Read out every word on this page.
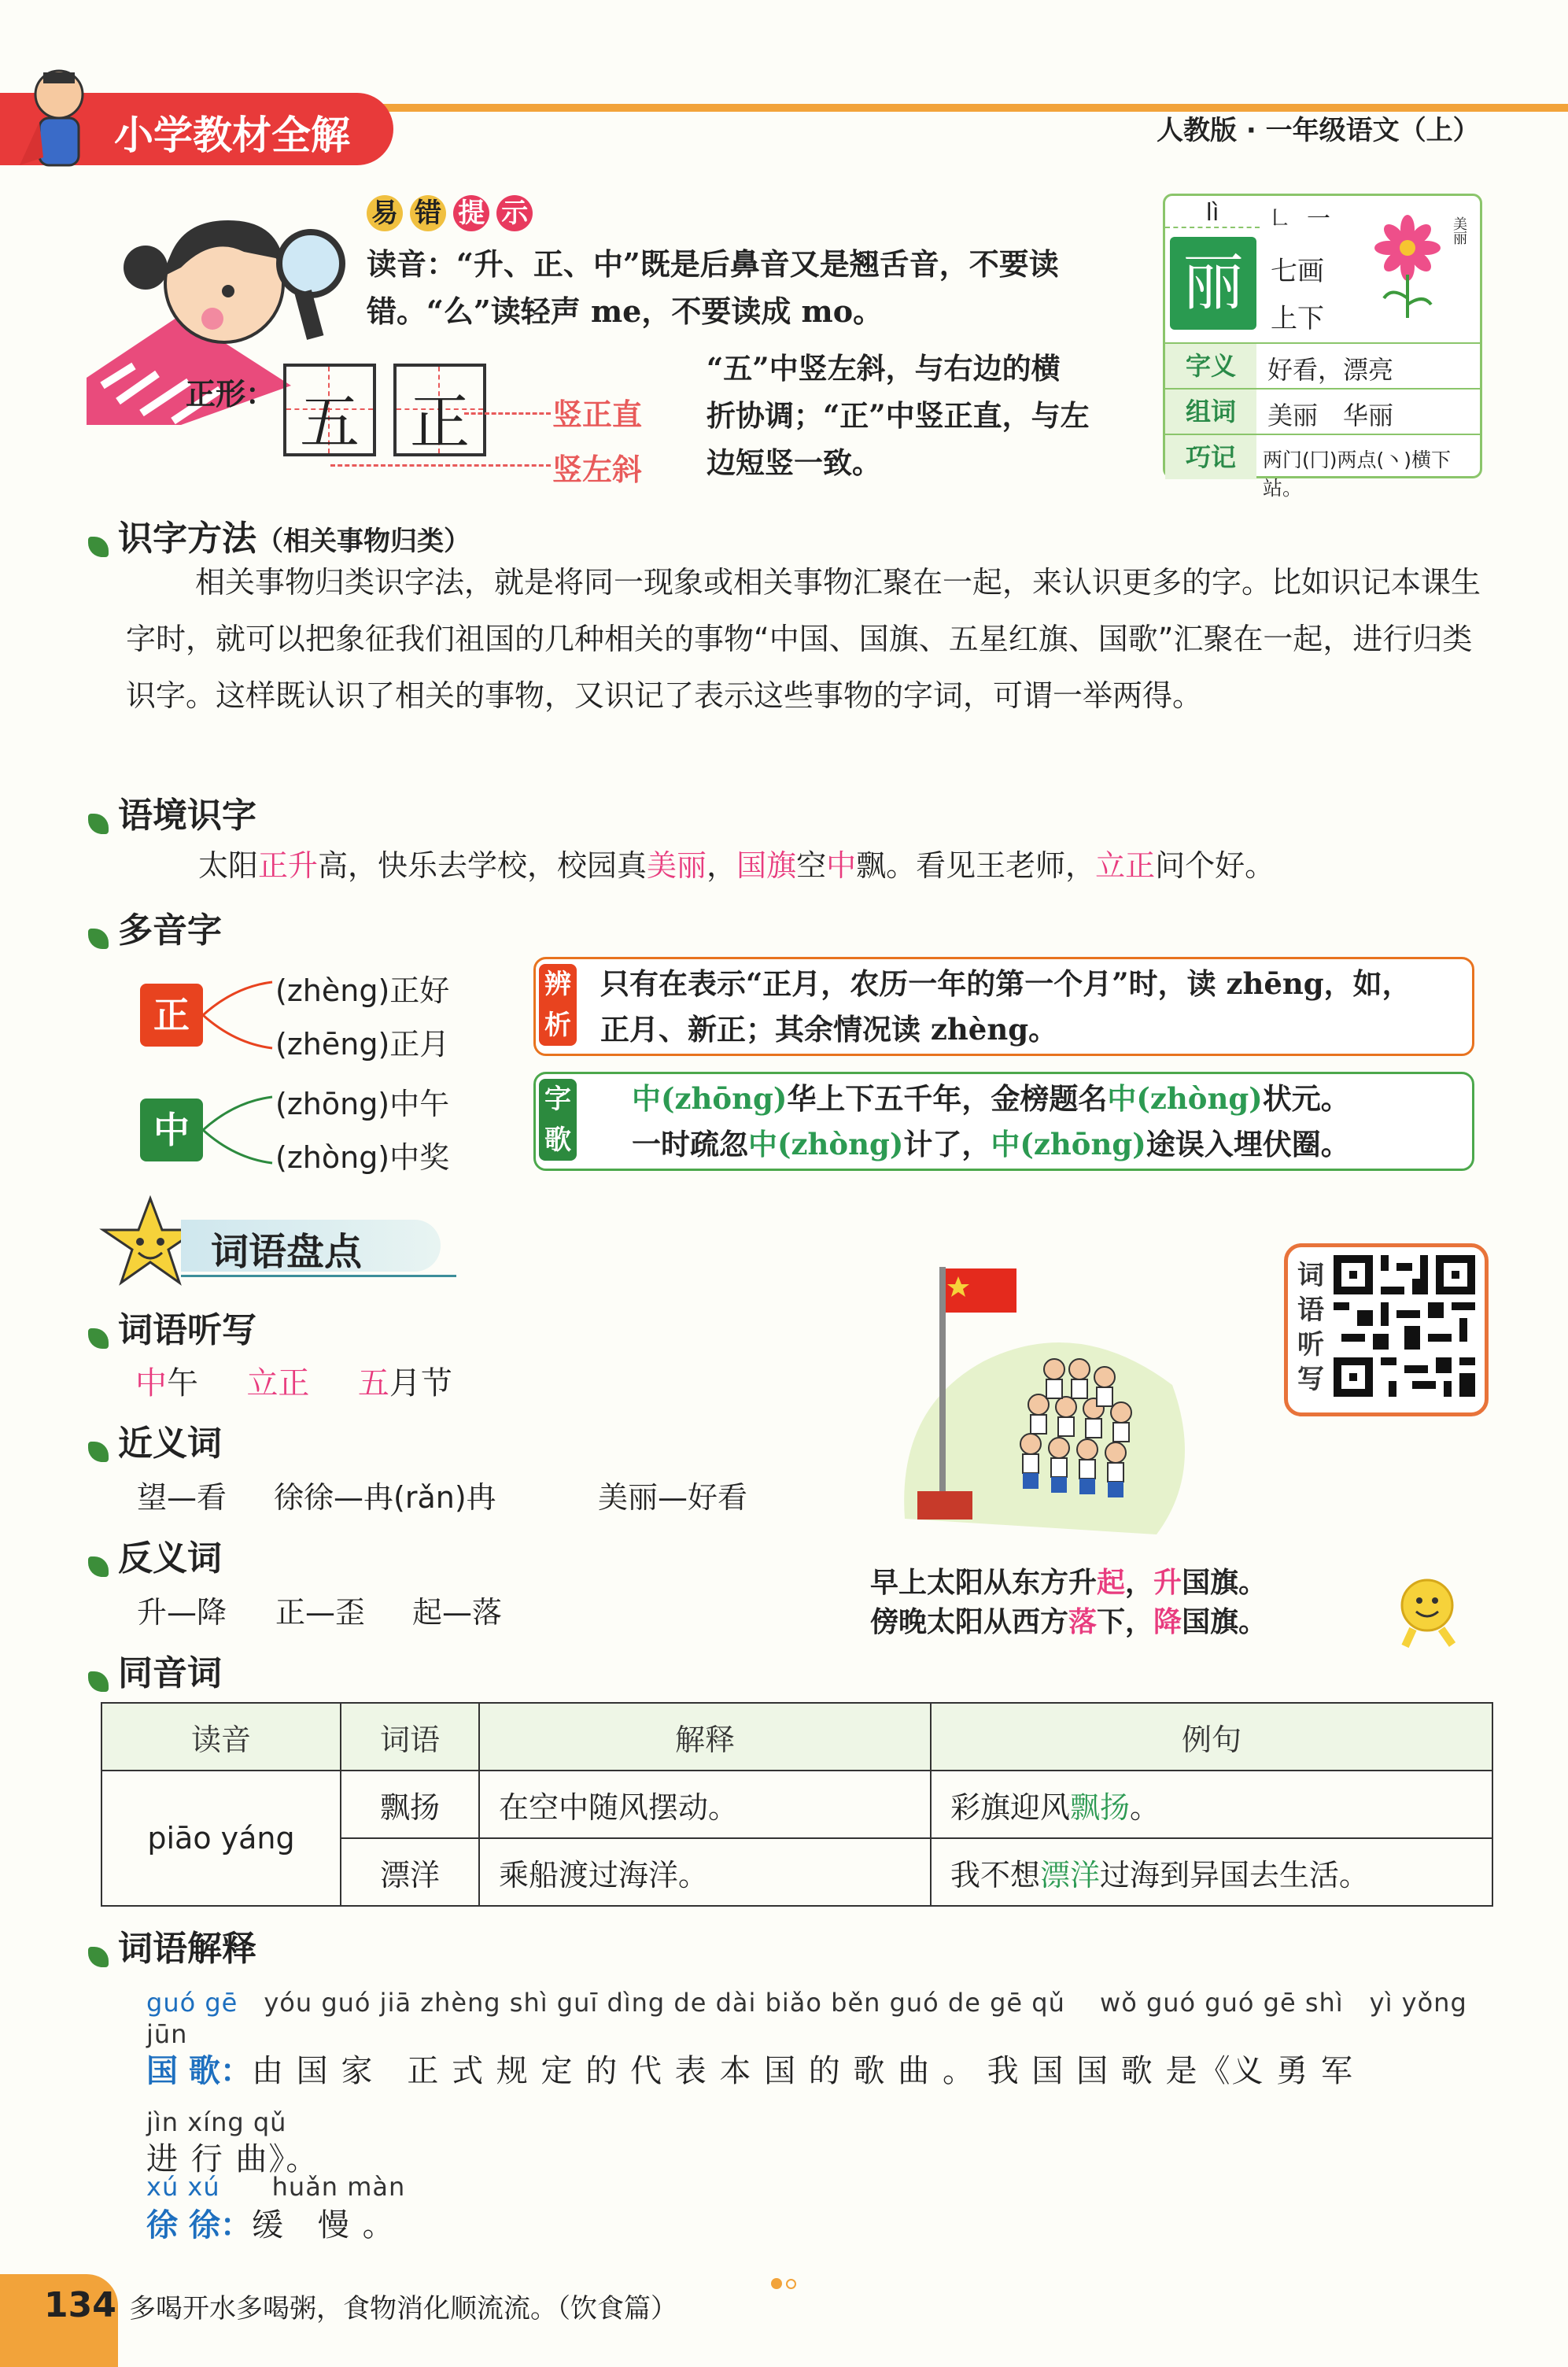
小学教材全解	人教版 · 一年级语文（上）
易 错 提 示
读音：“升、正、中”既是后鼻音又是翘舌音，不要读
错。“么”读轻声 me，不要读成 mo。
正形： 五 正	竖正直
竖左斜
“五”中竖左斜，与右边的横
折协调；“正”中竖正直，与左
边短竖一致。
lì	㇗ 一
丽	七画
上下
美丽
字义	好看，漂亮
组词	美丽　华丽
巧记	两门(冂)两点(丶)横下站。
识字方法（相关事物归类）
相关事物归类识字法，就是将同一现象或相关事物汇聚在一起，来认识更多的字。比如识记本课生字时，就可以把象征我们祖国的几种相关的事物“中国、国旗、五星红旗、国歌”汇聚在一起，进行归类识字。这样既认识了相关的事物，又识记了表示这些事物的字词，可谓一举两得。
语境识字
太阳正升高，快乐去学校，校园真美丽，国旗空中飘。看见王老师，立正问个好。
多音字
正
(zhèng)正好
(zhēng)正月
辨
析
只有在表示“正月，农历一年的第一个月”时，读 zhēng，如，
正月、新正；其余情况读 zhèng。
中
(zhōng)中午
(zhòng)中奖
字
歌
中(zhōng)华上下五千年，金榜题名中(zhòng)状元。
一时疏忽中(zhòng)计了，中(zhōng)途误入埋伏圈。
词语盘点
词语听写
中午 立正 五月节
近义词
望—看 徐徐—冉(rǎn)冉	美丽—好看
反义词
升—降 正—歪 起—落
词
语
听
写
早上太阳从东方升起，升国旗。
傍晚太阳从西方落下，降国旗。
同音词
读音	词语	解释	例句
piāo yáng	飘扬	在空中随风摆动。	彩旗迎风飘扬。
	漂洋	乘船渡过海洋。	我不想漂洋过海到异国去生活。
词语解释
guó gē　 yóu guó jiā zhèng shì guī dìng de dài biǎo běn guó de gē qǔ　 wǒ guó guó gē shì　yì yǒng jūn
国 歌：由 国 家　正 式 规 定 的 代 表 本 国 的 歌 曲 。 我 国 国 歌 是《义 勇 军
jìn xíng qǔ
进 行 曲》。
xú xú　　 huǎn màn
徐 徐：缓　慢 。
134 多喝开水多喝粥，食物消化顺流流。（饮食篇）
